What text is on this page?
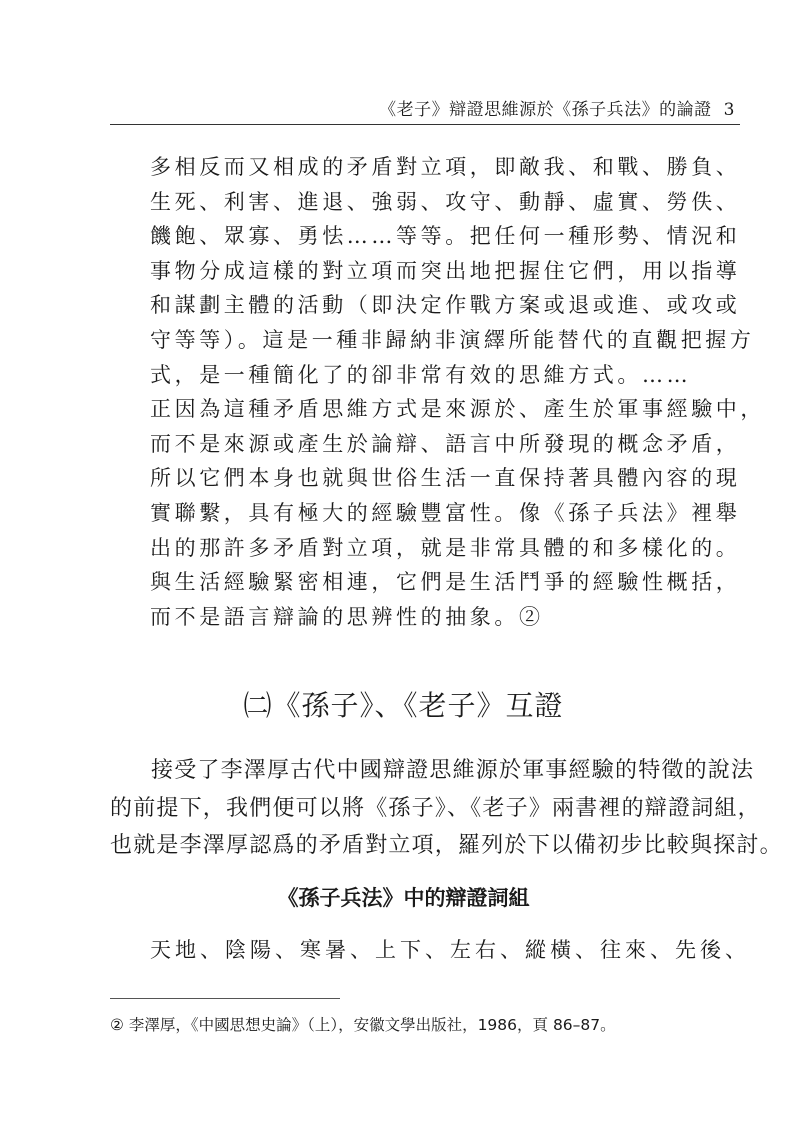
《老子》辯證思維源於《孫子兵法》的論證 3
多相反而又相成的矛盾對立項，即敵我、和戰、勝負、
生死、利害、進退、強弱、攻守、動靜、虛實、勞佚、
饑飽、眾寡、勇怯……等等。把任何一種形勢、情況和
事物分成這樣的對立項而突出地把握住它們，用以指導
和謀劃主體的活動（即決定作戰方案或退或進、或攻或
守等等）。這是一種非歸納非演繹所能替代的直觀把握方
式，是一種簡化了的卻非常有效的思維方式。……
正因為這種矛盾思維方式是來源於、產生於軍事經驗中，
而不是來源或產生於論辯、語言中所發現的概念矛盾，
所以它們本身也就與世俗生活一直保持著具體內容的現
實聯繫，具有極大的經驗豐富性。像《孫子兵法》裡舉
出的那許多矛盾對立項，就是非常具體的和多樣化的。
與生活經驗緊密相連，它們是生活鬥爭的經驗性概括，
而不是語言辯論的思辨性的抽象。②
㈡《孫子》、《老子》互證
接受了李澤厚古代中國辯證思維源於軍事經驗的特徵的說法
的前提下，我們便可以將《孫子》、《老子》兩書裡的辯證詞組，
也就是李澤厚認爲的矛盾對立項，羅列於下以備初步比較與探討。
《孫子兵法》中的辯證詞組
天地、陰陽、寒暑、上下、左右、縱橫、往來、先後、
② 李澤厚，《中國思想史論》（上），安徽文學出版社，1986，頁 86–87。
